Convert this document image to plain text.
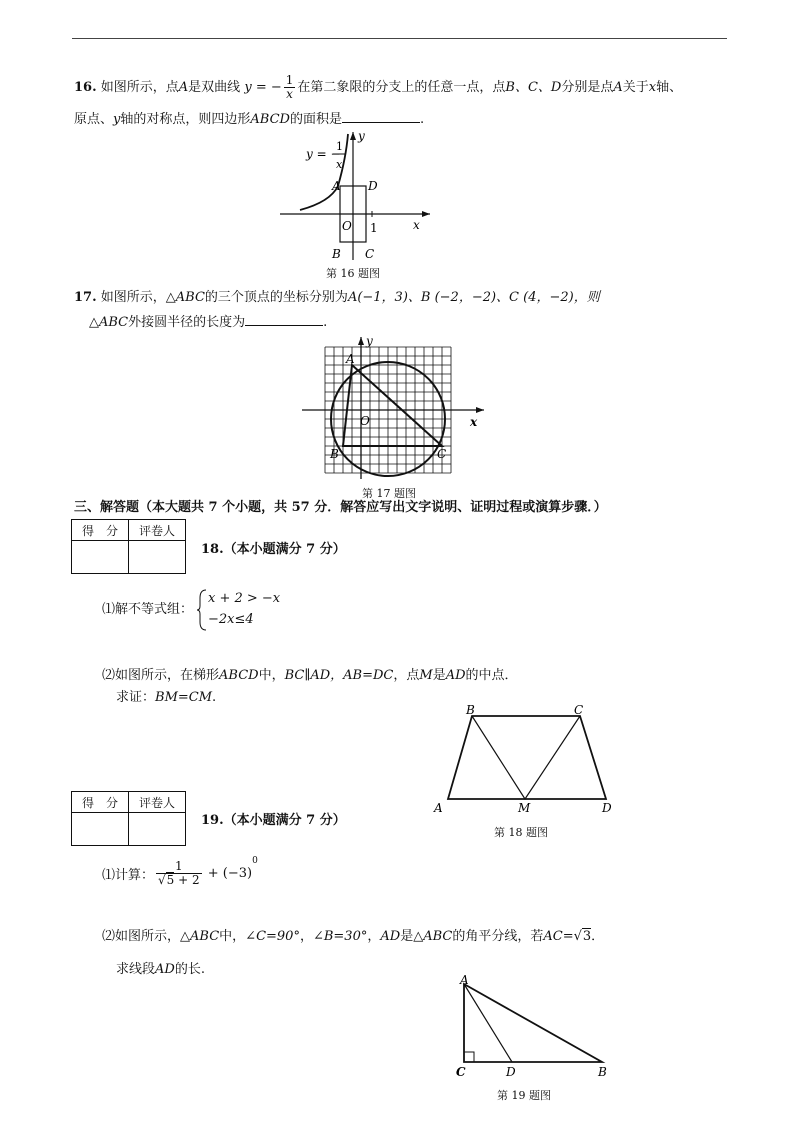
16. 如图所示，点A是双曲线 y = − $\frac{1}{x}$ 在第二象限的分支上的任意一点，点B、C、D分别是点A关于x轴、
原点、y轴的对称点，则四边形ABCD的面积是	.
y = −
1
x
y
x
A D
O 1
B C
第 16 题图
17. 如图所示，△ABC的三个顶点的坐标分别为A(−1，3)、B (−2，−2)、C (4，−2)，则
△ABC外接圆半径的长度为	.
y
x
A
O
B	C
第 17 题图
三、解答题（本大题共 7 个小题，共 57 分．解答应写出文字说明、证明过程或演算步骤．）
得　分	评卷人

18.（本小题满分 7 分）
⑴解不等式组：
x + 2 > −x
−2x≤4
⑵如图所示，在梯形ABCD中，BC∥AD，AB=DC，点M是AD的中点．
求证：BM=CM.
B	C
A	M	D
第 18 题图
得　分	评卷人

19.（本小题满分 7 分）
⑴计算： $\frac{1}{√5 + 2} + (-3)^0$
⑵如图所示，△ABC中，∠C=90°，∠B=30°，AD是△ABC的角平分线，若AC=√3．
求线段AD的长.
A
C	D	B
第 19 题图
